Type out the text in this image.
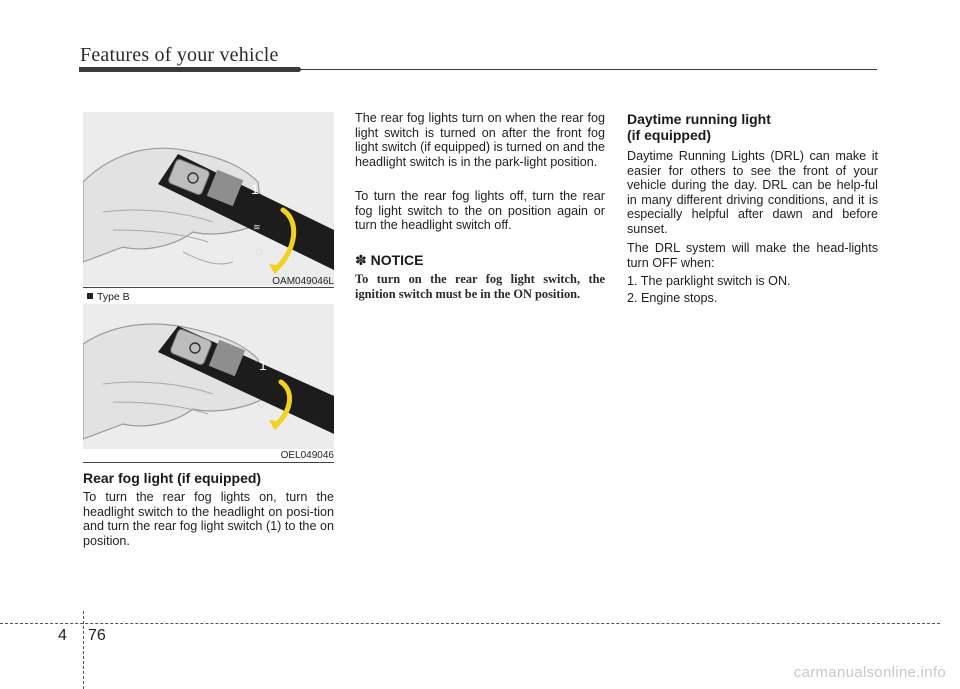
Features of your vehicle
1
≋
OAM049046L
Type B
1
OEL049046
Rear fog light (if equipped)

To turn the rear fog lights on, turn the headlight switch to the headlight on posi-tion and turn the rear fog light switch (1) to the on position.

The rear fog lights turn on when the rear fog light switch is turned on after the front fog light switch (if equipped) is turned on and the headlight switch is in the park-light position.

To turn the rear fog lights off, turn the rear fog light switch to the on position again or turn the headlight switch off.

✽ NOTICE
To turn on the rear fog light switch, the ignition switch must be in the ON position.
Daytime running light
(if equipped)

Daytime Running Lights (DRL) can make it easier for others to see the front of your vehicle during the day. DRL can be help-ful in many different driving conditions, and it is especially helpful after dawn and before sunset.

The DRL system will make the head-lights turn OFF when:

1. The parklight switch is ON.
2. Engine stops.
4 76
carmanualsonline.info
